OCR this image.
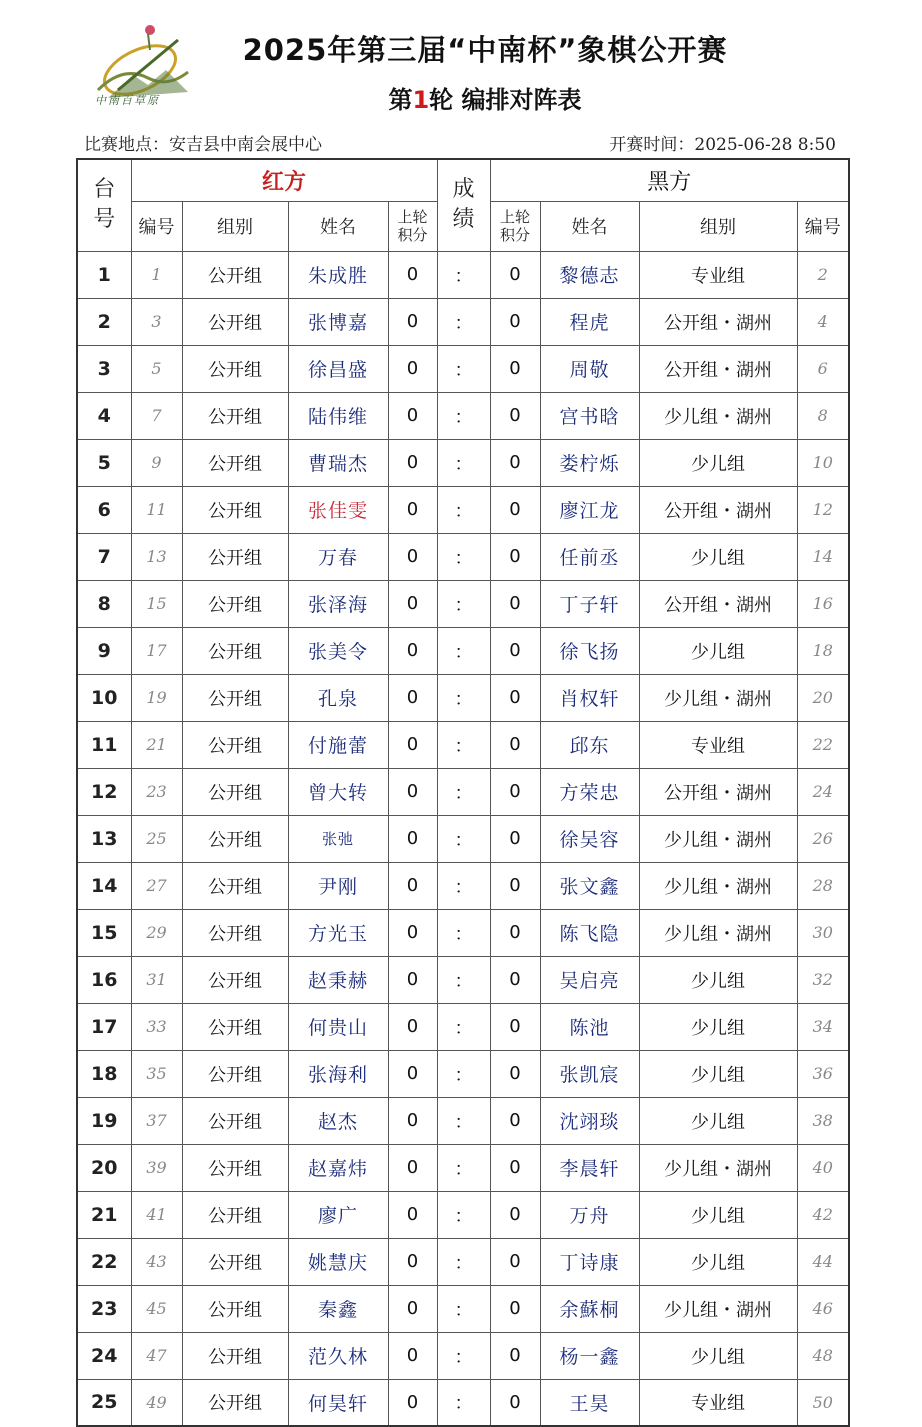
中南百草原
2025年第三届“中南杯”象棋公开赛
第1轮 编排对阵表
比赛地点：安吉县中南会展中心	开赛时间：2025-06-28 8:50
台号	红方				成绩	黑方			
	编号	组别	姓名	上轮积分		上轮积分	姓名	组别	编号
1	1	公开组	朱成胜	0	：	0	黎德志	专业组	2
2	3	公开组	张博嘉	0	：	0	程虎	公开组・湖州	4
3	5	公开组	徐昌盛	0	：	0	周敬	公开组・湖州	6
4	7	公开组	陆伟维	0	：	0	宫书晗	少儿组・湖州	8
5	9	公开组	曹瑞杰	0	：	0	娄柠烁	少儿组	10
6	11	公开组	张佳雯	0	：	0	廖江龙	公开组・湖州	12
7	13	公开组	万春	0	：	0	任前丞	少儿组	14
8	15	公开组	张泽海	0	：	0	丁子轩	公开组・湖州	16
9	17	公开组	张美令	0	：	0	徐飞扬	少儿组	18
10	19	公开组	孔泉	0	：	0	肖权轩	少儿组・湖州	20
11	21	公开组	付施蕾	0	：	0	邱东	专业组	22
12	23	公开组	曾大转	0	：	0	方荣忠	公开组・湖州	24
13	25	公开组	张弛	0	：	0	徐吴容	少儿组・湖州	26
14	27	公开组	尹刚	0	：	0	张文鑫	少儿组・湖州	28
15	29	公开组	方光玉	0	：	0	陈飞隐	少儿组・湖州	30
16	31	公开组	赵秉赫	0	：	0	吴启亮	少儿组	32
17	33	公开组	何贵山	0	：	0	陈池	少儿组	34
18	35	公开组	张海利	0	：	0	张凯宸	少儿组	36
19	37	公开组	赵杰	0	：	0	沈翊琰	少儿组	38
20	39	公开组	赵嘉炜	0	：	0	李晨轩	少儿组・湖州	40
21	41	公开组	廖广	0	：	0	万舟	少儿组	42
22	43	公开组	姚慧庆	0	：	0	丁诗康	少儿组	44
23	45	公开组	秦鑫	0	：	0	余蘇桐	少儿组・湖州	46
24	47	公开组	范久林	0	：	0	杨一鑫	少儿组	48
25	49	公开组	何昊轩	0	：	0	王昊	专业组	50
